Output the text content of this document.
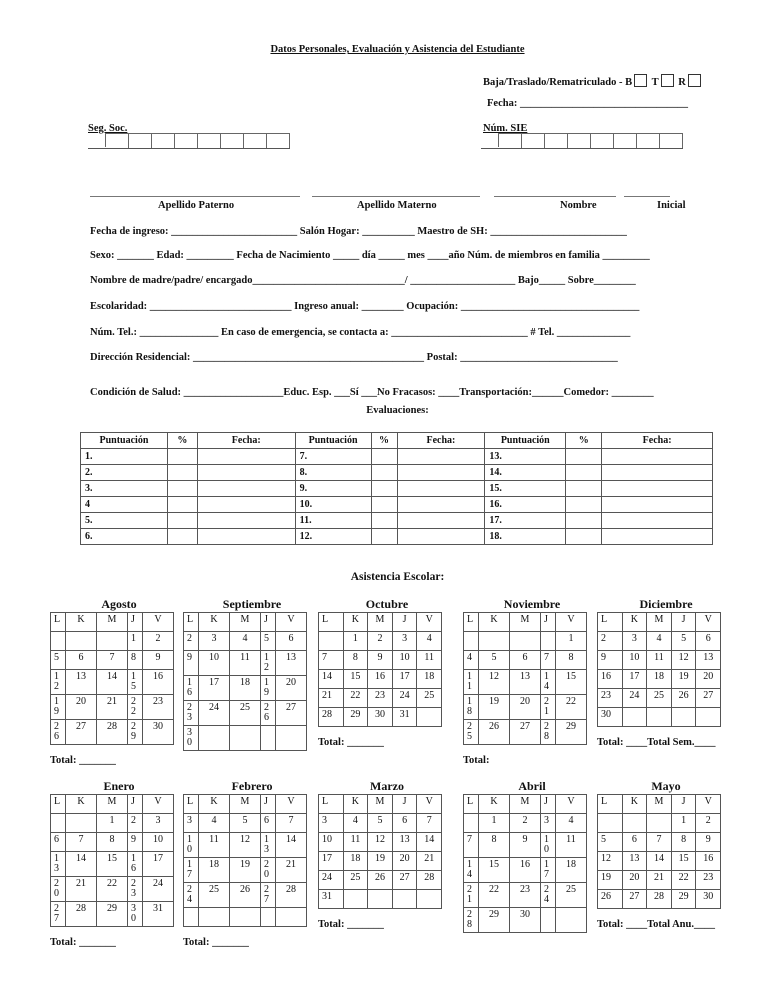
Datos Personales, Evaluación y Asistencia del Estudiante
Baja/Traslado/Rematriculado - B T R
Fecha: ________________________________
Seg. Soc.	Núm. SIE
Apellido Paterno	Apellido Materno	Nombre	Inicial
Fecha de ingreso: ________________________ Salón Hogar: __________ Maestro de SH: __________________________
Sexo: _______ Edad: _________ Fecha de Nacimiento _____ día _____ mes ____año Núm. de miembros en familia _________
Nombre de madre/padre/ encargado_____________________________/ ____________________ Bajo_____ Sobre________
Escolaridad: ___________________________ Ingreso anual: ________ Ocupación: __________________________________
Núm. Tel.: _______________ En caso de emergencia, se contacta a: __________________________ # Tel. ______________
Dirección Residencial: ____________________________________________ Postal: ______________________________
Condición de Salud: ___________________Educ. Esp. ___Sí ___No Fracasos: ____Transportación:______Comedor: ________
Evaluaciones:
Puntuación	%	Fecha:	Puntuación	%	Fecha:	Puntuación	%	Fecha:
1.			7.			13.		
2.			8.			14.		
3.			9.			15.		
4			10.			16.		
5.			11.			17.		
6.			12.			18.		
Asistencia Escolar:
Agosto
L	K	M	J	V
			1	2
5	6	7	8	9
12	13	14	15	16
19	20	21	22	23
26	27	28	29	30
Total: _______
Septiembre
L	K	M	J	V
2	3	4	5	6
9	10	11	12	13
16	17	18	19	20
23	24	25	26	27
30				
Octubre
L	K	M	J	V
	1	2	3	4
7	8	9	10	11
14	15	16	17	18
21	22	23	24	25
28	29	30	31	
Total: _______
Noviembre
L	K	M	J	V
				1
4	5	6	7	8
11	12	13	14	15
18	19	20	21	22
25	26	27	28	29
Total:
Diciembre
L	K	M	J	V
2	3	4	5	6
9	10	11	12	13
16	17	18	19	20
23	24	25	26	27
30				
Total: ____Total Sem.____
Enero
L	K	M	J	V
		1	2	3
6	7	8	9	10
13	14	15	16	17
20	21	22	23	24
27	28	29	30	31
Total: _______
Febrero
L	K	M	J	V
3	4	5	6	7
10	11	12	13	14
17	18	19	20	21
24	25	26	27	28

Total: _______
Marzo
L	K	M	J	V
3	4	5	6	7
10	11	12	13	14
17	18	19	20	21
24	25	26	27	28
31				
Total: _______
Abril
L	K	M	J	V
	1	2	3	4
7	8	9	10	11
14	15	16	17	18
21	22	23	24	25
28	29	30		
Mayo
L	K	M	J	V
			1	2
5	6	7	8	9
12	13	14	15	16
19	20	21	22	23
26	27	28	29	30
Total: ____Total Anu.____
